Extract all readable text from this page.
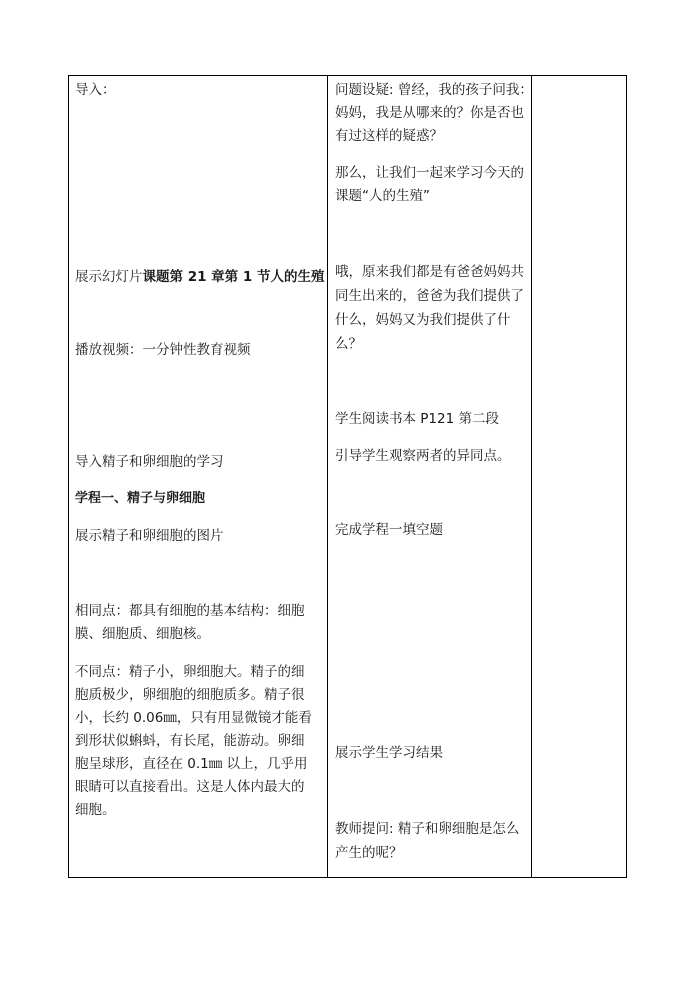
导入：

展示幻灯片课题第 21 章第 1 节人的生殖

播放视频：一分钟性教育视频

导入精子和卵细胞的学习

学程一、精子与卵细胞

展示精子和卵细胞的图片

相同点：都具有细胞的基本结构：细胞

膜、细胞质、细胞核。

不同点：精子小，卵细胞大。精子的细

胞质极少，卵细胞的细胞质多。精子很

小，长约 0.06㎜，只有用显微镜才能看

到形状似蝌蚪，有长尾，能游动。卵细

胞呈球形，直径在 0.1㎜ 以上，几乎用

眼睛可以直接看出。这是人体内最大的

细胞。

问题设疑: 曾经，我的孩子问我：

妈妈，我是从哪来的？你是否也

有过这样的疑惑？

那么，让我们一起来学习今天的

课题“人的生殖”

哦，原来我们都是有爸爸妈妈共

同生出来的，爸爸为我们提供了

什么，妈妈又为我们提供了什

么？

学生阅读书本 P121 第二段

引导学生观察两者的异同点。

完成学程一填空题

展示学生学习结果

教师提问: 精子和卵细胞是怎么

产生的呢？
